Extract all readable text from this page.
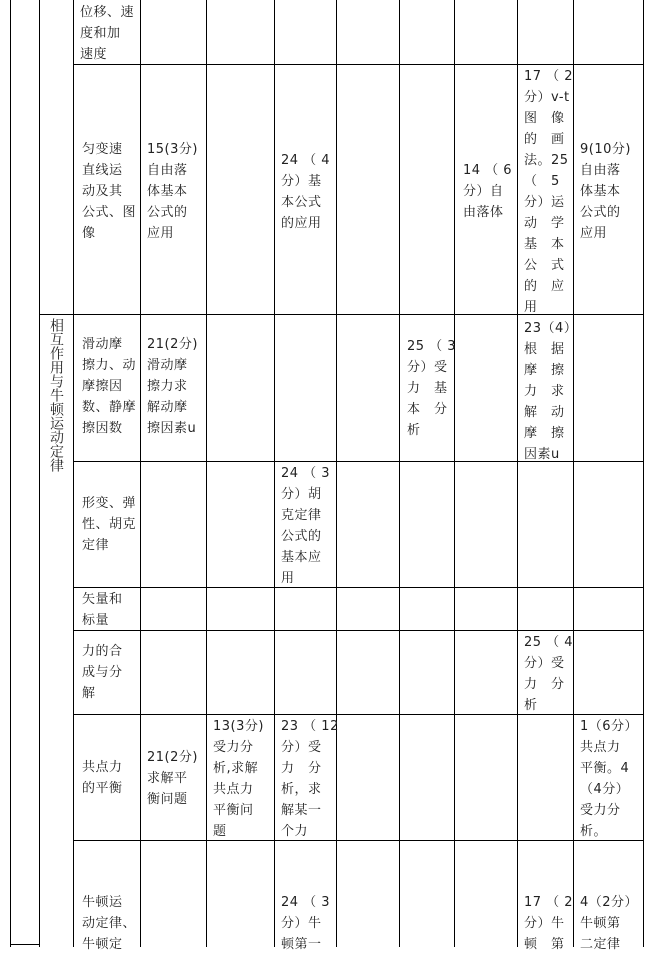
相互作用与牛顿运动定律
位移、速
度和加
速度
匀变速
直线运
动及其
公式、图
像
15(3分)
自由落
体基本
公式的
应用
24 （ 4
分）基
本公式
的应用
14 （ 6
分）自
由落体
17 （ 2
分）v-t
图　像
的　画
法。25
（　5
分）运
动　学
基　本
公　式
的　应
用
9(10分)
自由落
体基本
公式的
应用
滑动摩
擦力、动
摩擦因
数、静摩
擦因数
21(2分)
滑动摩
擦力求
解动摩
擦因素u
25 （ 3
分）受
力　基
本　分
析
23（4）
根　据
摩　擦
力　求
解　动
摩　擦
因素u
形变、弹
性、胡克
定律
24 （ 3
分）胡
克定律
公式的
基本应
用
矢量和
标量
力的合
成与分
解
25 （ 4
分）受
力　分
析
共点力
的平衡
21(2分)
求解平
衡问题
13(3分)
受力分
析,求解
共点力
平衡问
题
23 （ 12
分）受
力　分
析，求
解某一
个力
1（6分）
共点力
平衡。4
（4分）
受力分
析。
牛顿运
动定律、
牛顿定
24 （ 3
分）牛
顿第一
17 （ 2
分）牛
顿　第
4（2分）
牛顿第
二定律
